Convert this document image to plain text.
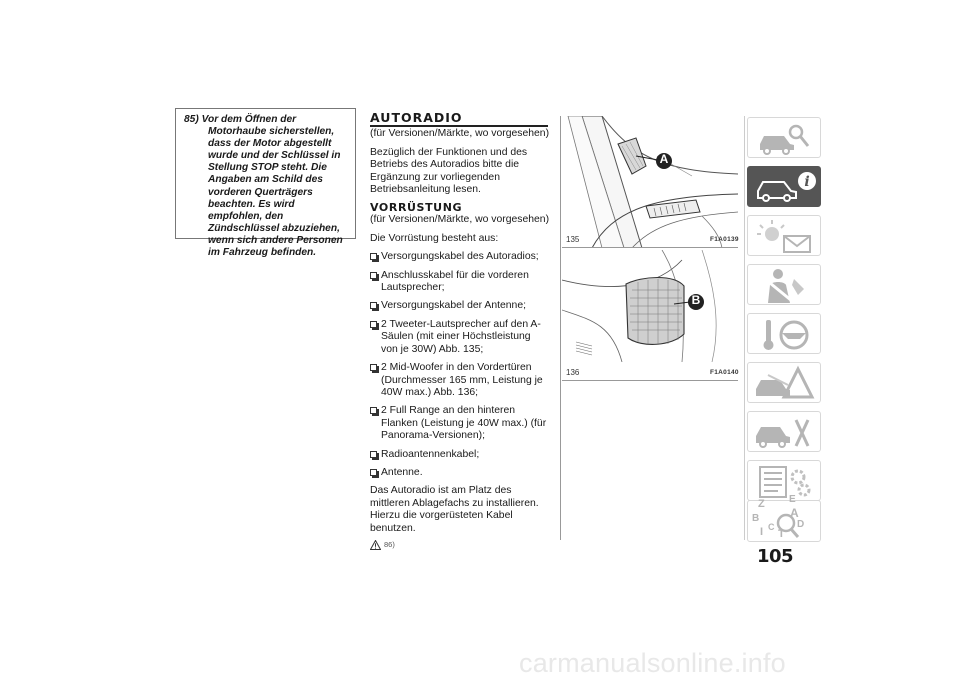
85) Vor dem Öffnen der Motorhaube sicherstellen, dass der Motor abgestellt wurde und der Schlüssel in Stellung STOP steht. Die Angaben am Schild des vorderen Querträgers beachten. Es wird empfohlen, den Zündschlüssel abzuziehen, wenn sich andere Personen im Fahrzeug befinden.

AUTORADIO

(für Versionen/Märkte, wo vorgesehen)

Bezüglich der Funktionen und des Betriebs des Autoradios bitte die Ergänzung zur vorliegenden Betriebsanleitung lesen.

VORRÜSTUNG

(für Versionen/Märkte, wo vorgesehen)

Die Vorrüstung besteht aus:

Versorgungskabel des Autoradios;
Anschlusskabel für die vorderen Lautsprecher;
Versorgungskabel der Antenne;
2 Tweeter-Lautsprecher auf den A-Säulen (mit einer Höchstleistung von je 30W) Abb. 135;
2 Mid-Woofer in den Vordertüren (Durchmesser 165 mm, Leistung je 40W max.) Abb. 136;
2 Full Range an den hinteren Flanken (Leistung je 40W max.) (für Panorama-Versionen);
Radioantennenkabel;
Antenne.

Das Autoradio ist am Platz des mittleren Ablagefachs zu installieren. Hierzu die vorgerüsteten Kabel benutzen.

86)
A
135	F1A0139
B
136	F1A0140
i
Z E
B	A
C
T
D
I
105
carmanualsonline.info
